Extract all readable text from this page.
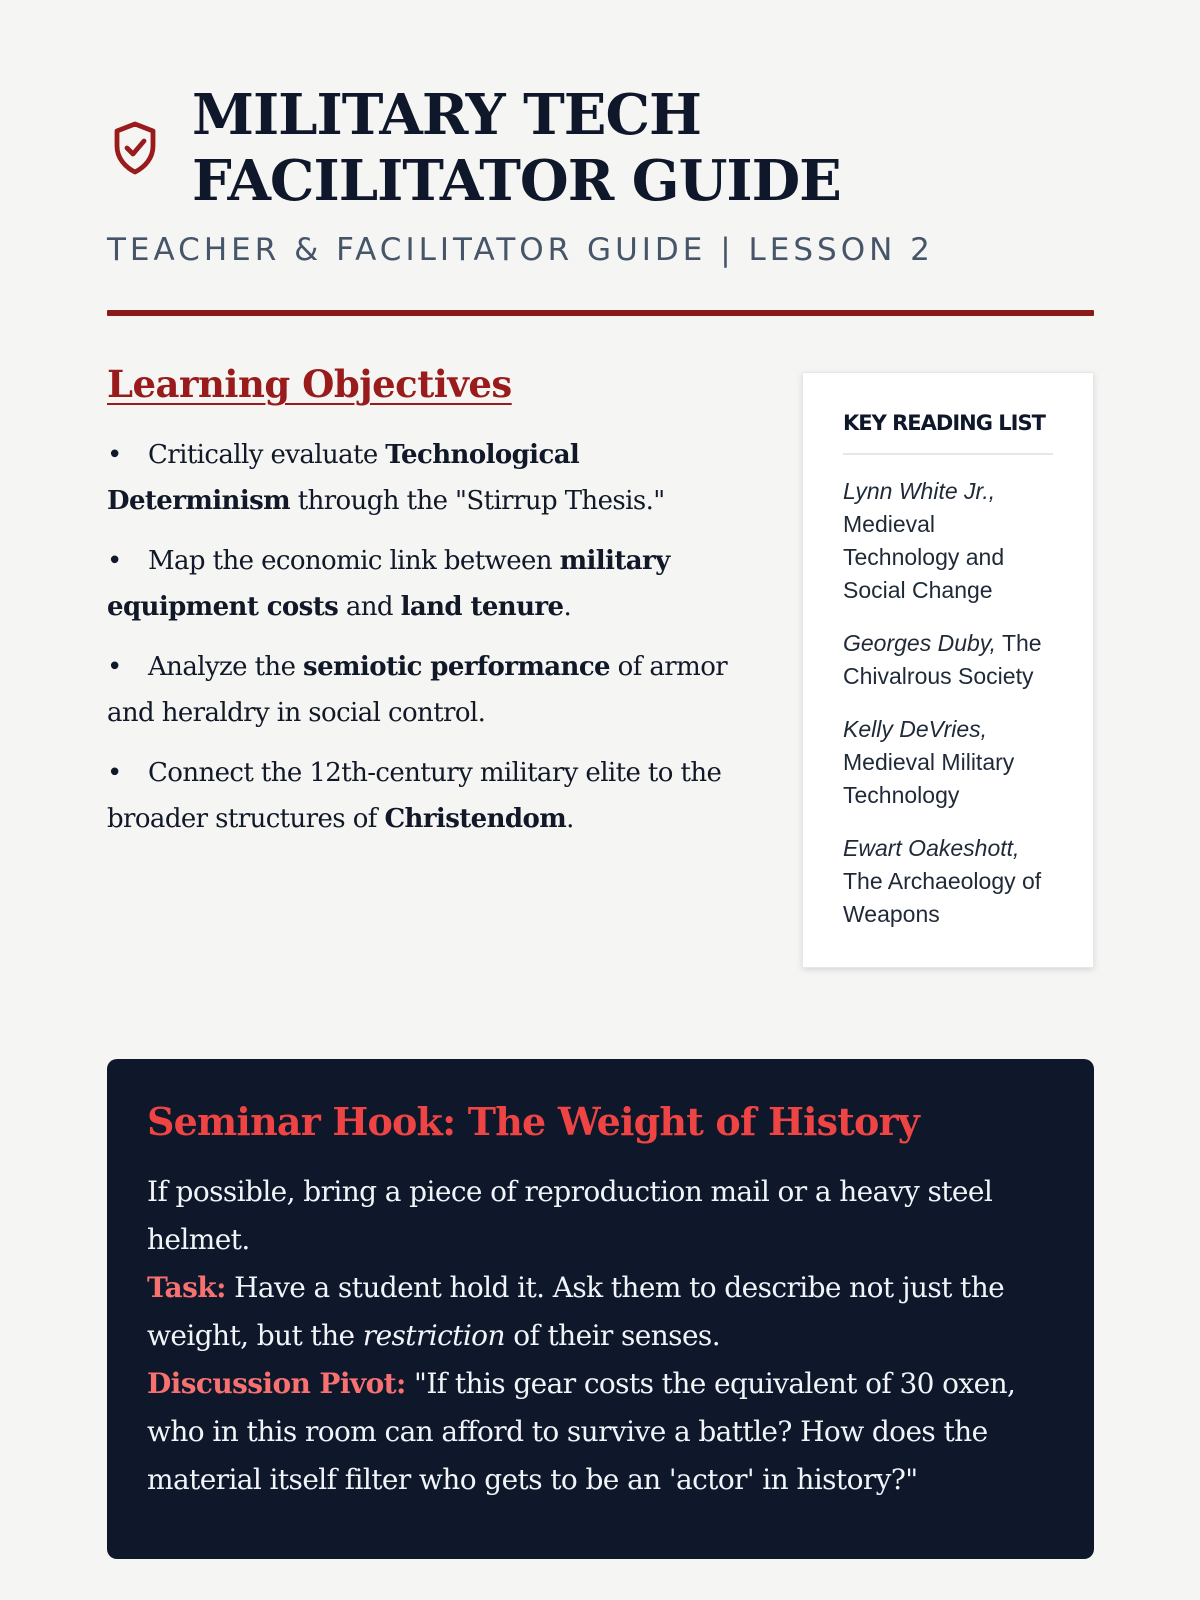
MILITARY TECH FACILITATOR GUIDE
TEACHER & FACILITATOR GUIDE | LESSON 2
Learning Objectives
• Critically evaluate Technological Determinism through the "Stirrup Thesis."
• Map the economic link between military equipment costs and land tenure.
• Analyze the semiotic performance of armor and heraldry in social control.
• Connect the 12th-century military elite to the broader structures of Christendom.
KEY READING LIST
Lynn White Jr., Medieval Technology and Social Change
Georges Duby, The Chivalrous Society
Kelly DeVries, Medieval Military Technology
Ewart Oakeshott, The Archaeology of Weapons
Seminar Hook: The Weight of History

If possible, bring a piece of reproduction mail or a heavy steel helmet.

Task: Have a student hold it. Ask them to describe not just the weight, but the restriction of their senses.

Discussion Pivot: "If this gear costs the equivalent of 30 oxen, who in this room can afford to survive a battle? How does the material itself filter who gets to be an 'actor' in history?"
